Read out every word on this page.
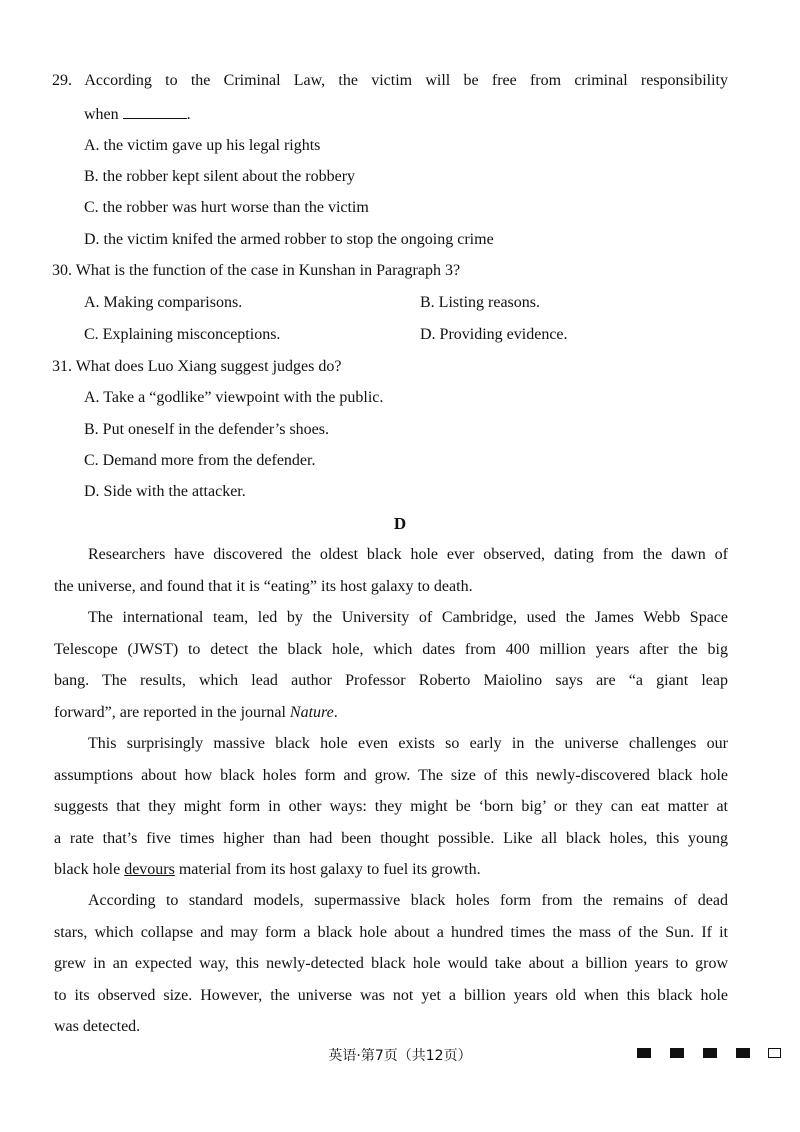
29. According to the Criminal Law, the victim will be free from criminal responsibility
when	.
A. the victim gave up his legal rights
B. the robber kept silent about the robbery
C. the robber was hurt worse than the victim
D. the victim knifed the armed robber to stop the ongoing crime
30. What is the function of the case in Kunshan in Paragraph 3?
A. Making comparisons.	B. Listing reasons.
C. Explaining misconceptions.	D. Providing evidence.
31. What does Luo Xiang suggest judges do?
A. Take a “godlike” viewpoint with the public.
B. Put oneself in the defender’s shoes.
C. Demand more from the defender.
D. Side with the attacker.
D
Researchers have discovered the oldest black hole ever observed, dating from the dawn of
the universe, and found that it is “eating” its host galaxy to death.
The international team, led by the University of Cambridge, used the James Webb Space
Telescope (JWST) to detect the black hole, which dates from 400 million years after the big
bang. The results, which lead author Professor Roberto Maiolino says are “a giant leap
forward”, are reported in the journal Nature.
This surprisingly massive black hole even exists so early in the universe challenges our
assumptions about how black holes form and grow. The size of this newly-discovered black hole
suggests that they might form in other ways: they might be ‘born big’ or they can eat matter at
a rate that’s five times higher than had been thought possible. Like all black holes, this young
black hole devours material from its host galaxy to fuel its growth.
According to standard models, supermassive black holes form from the remains of dead
stars, which collapse and may form a black hole about a hundred times the mass of the Sun. If it
grew in an expected way, this newly-detected black hole would take about a billion years to grow
to its observed size. However, the universe was not yet a billion years old when this black hole
was detected.
英语·第7页（共12页）
